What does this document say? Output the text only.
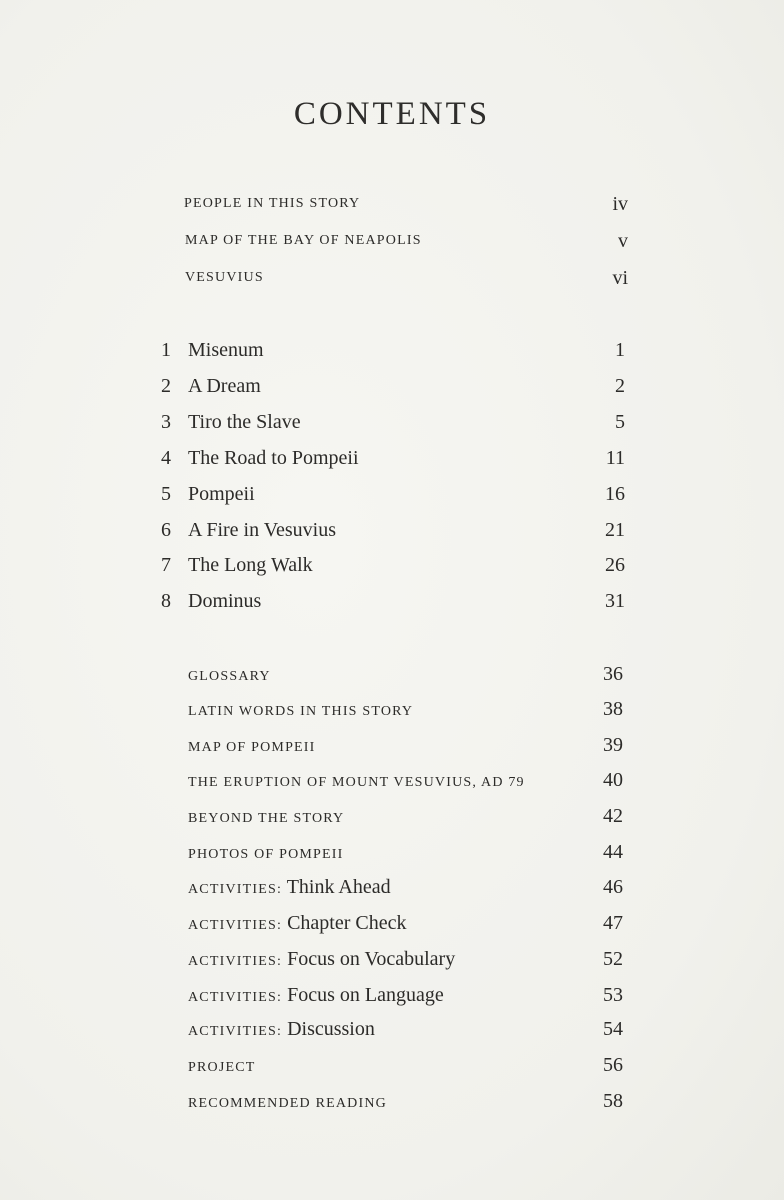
CONTENTS
PEOPLE IN THIS STORY	iv
MAP OF THE BAY OF NEAPOLIS	v
VESUVIUS	vi
1 Misenum	1
2 A Dream	2
3 Tiro the Slave	5
4 The Road to Pompeii	11
5 Pompeii	16
6 A Fire in Vesuvius	21
7 The Long Walk	26
8 Dominus	31
GLOSSARY	36
LATIN WORDS IN THIS STORY	38
MAP OF POMPEII	39
THE ERUPTION OF MOUNT VESUVIUS, AD 79	40
BEYOND THE STORY	42
PHOTOS OF POMPEII	44
ACTIVITIES: Think Ahead	46
ACTIVITIES: Chapter Check	47
ACTIVITIES: Focus on Vocabulary	52
ACTIVITIES: Focus on Language	53
ACTIVITIES: Discussion	54
PROJECT	56
RECOMMENDED READING	58
